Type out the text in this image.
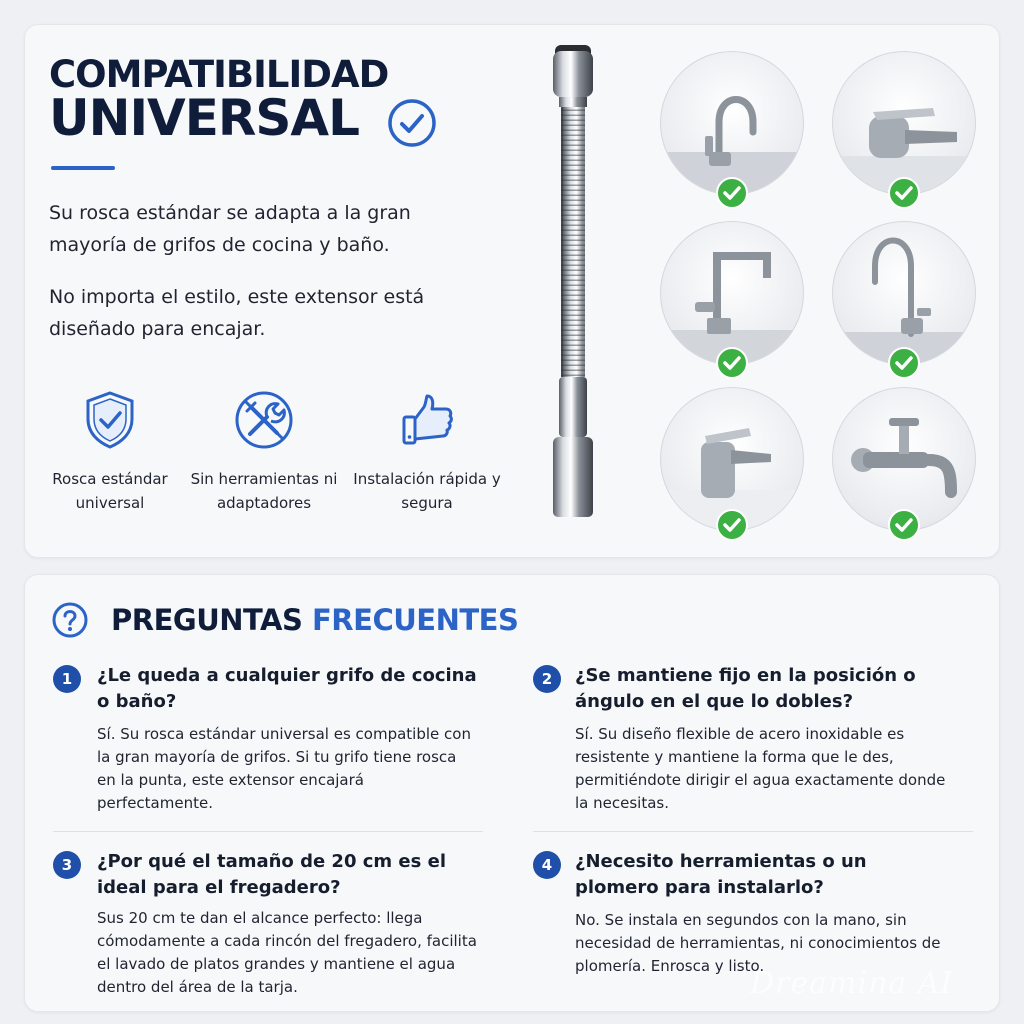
COMPATIBILIDAD
UNIVERSAL
Su rosca estándar se adapta a la gran mayoría de grifos de cocina y baño.
No importa el estilo, este extensor está diseñado para encajar.
Rosca estándar universal
Sin herramientas ni adaptadores
Instalación rápida y segura
PREGUNTAS FRECUENTES
1	¿Le queda a cualquier grifo de cocina o baño?
Sí. Su rosca estándar universal es compatible con la gran mayoría de grifos. Si tu grifo tiene rosca en la punta, este extensor encajará perfectamente.
2	¿Se mantiene fijo en la posición o ángulo en el que lo dobles?
Sí. Su diseño flexible de acero inoxidable es resistente y mantiene la forma que le des, permitiéndote dirigir el agua exactamente donde la necesitas.
3	¿Por qué el tamaño de 20 cm es el ideal para el fregadero?
Sus 20 cm te dan el alcance perfecto: llega cómodamente a cada rincón del fregadero, facilita el lavado de platos grandes y mantiene el agua dentro del área de la tarja.
4	¿Necesito herramientas o un plomero para instalarlo?
No. Se instala en segundos con la mano, sin necesidad de herramientas, ni conocimientos de plomería. Enrosca y listo.
Dreamina AI
